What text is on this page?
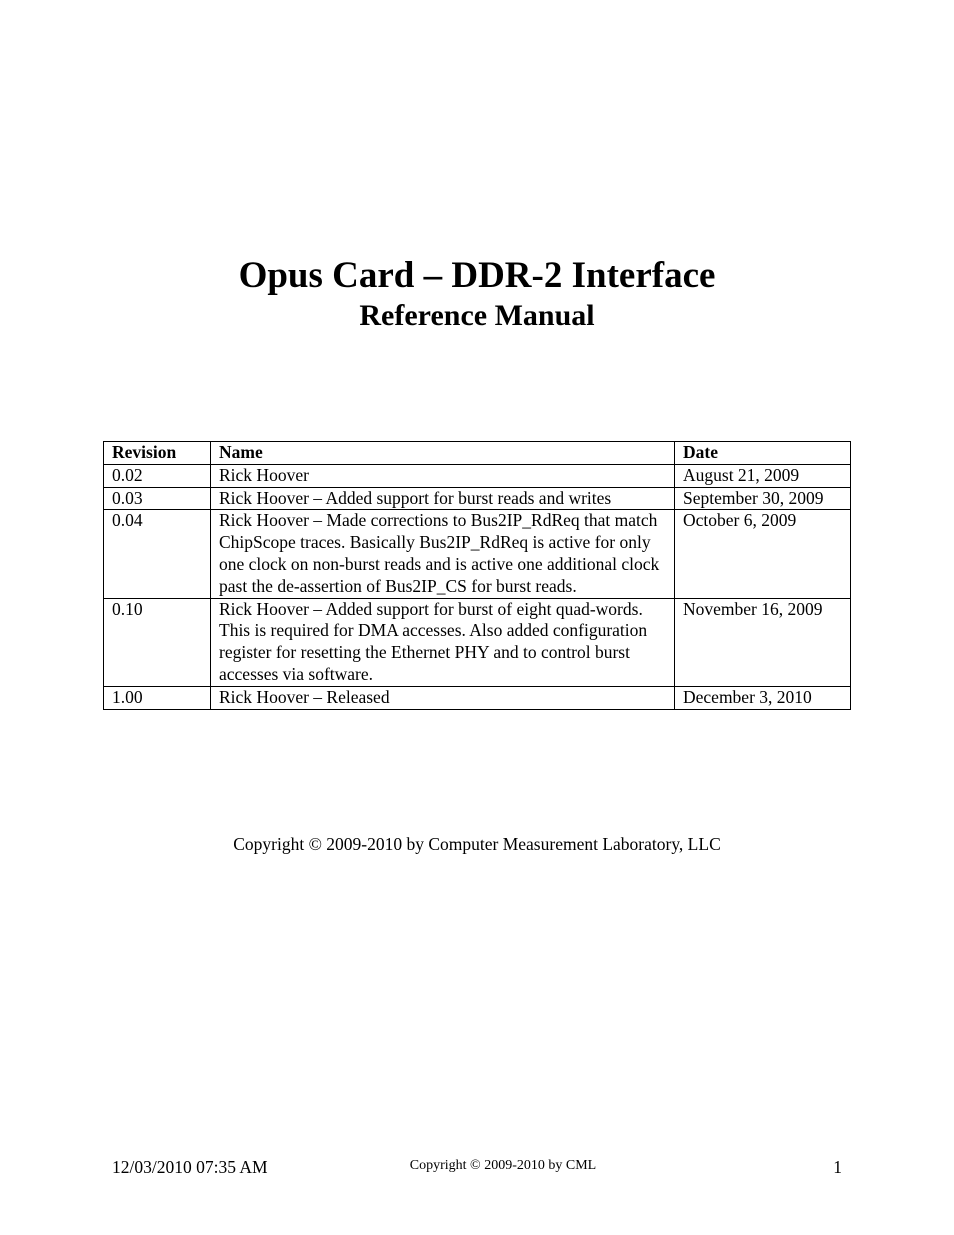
Opus Card – DDR-2 Interface
Reference Manual
Revision	Name	Date
0.02	Rick Hoover	August 21, 2009
0.03	Rick Hoover – Added support for burst reads and writes	September 30, 2009
0.04	Rick Hoover – Made corrections to Bus2IP_RdReq that match ChipScope traces. Basically Bus2IP_RdReq is active for only one clock on non-burst reads and is active one additional clock past the de-assertion of Bus2IP_CS for burst reads.	October 6, 2009
0.10	Rick Hoover – Added support for burst of eight quad-words. This is required for DMA accesses. Also added configuration register for resetting the Ethernet PHY and to control burst accesses via software.	November 16, 2009
1.00	Rick Hoover – Released	December 3, 2010
Copyright © 2009-2010 by Computer Measurement Laboratory, LLC
12/03/2010 07:35 AM	Copyright © 2009-2010 by CML	1
